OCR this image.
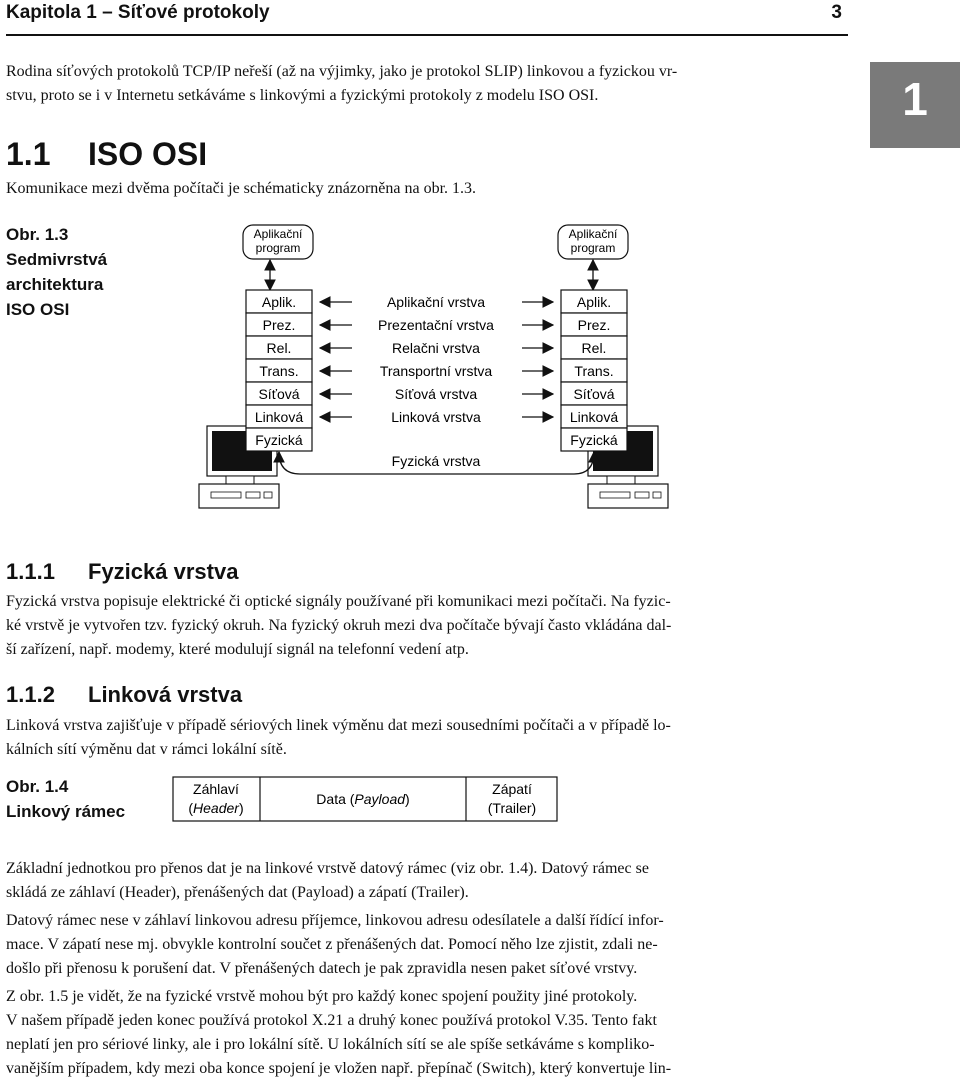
Kapitola 1 – Síťové protokoly	3
1

Rodina síťových protokolů TCP/IP neřeší (až na výjimky, jako je protokol SLIP) linkovou a fyzickou vr-
stvu, proto se i v Internetu setkáváme s linkovými a fyzickými protokoly z modelu ISO OSI.

1.1 ISO OSI

Komunikace mezi dvěma počítači je schématicky znázorněna na obr. 1.3.

Obr. 1.3
Sedmivrstvá
architektura
ISO OSI
Aplikační
program
Aplikační
program
Aplik.
Prez.
Rel.
Trans.
Síťová
Linková
Fyzická
Aplik.
Prez.
Rel.
Trans.
Síťová
Linková
Fyzická
Aplikační vrstva
Prezentační vrstva
Relačni vrstva
Transportní vrstva
Síťová vrstva
Linková vrstva
Fyzická vrstva
1.1.1 Fyzická vrstva

Fyzická vrstva popisuje elektrické či optické signály používané při komunikaci mezi počítači. Na fyzic-
ké vrstvě je vytvořen tzv. fyzický okruh. Na fyzický okruh mezi dva počítače bývají často vkládána dal-
ší zařízení, např. modemy, které modulují signál na telefonní vedení atp.

1.1.2 Linková vrstva

Linková vrstva zajišťuje v případě sériových linek výměnu dat mezi sousedními počítači a v případě lo-
kálních sítí výměnu dat v rámci lokální sítě.

Obr. 1.4
Linkový rámec
Záhlaví
(Header)
Data (Payload)
Zápatí
(Trailer)

Základní jednotkou pro přenos dat je na linkové vrstvě datový rámec (viz obr. 1.4). Datový rámec se
skládá ze záhlaví (Header), přenášených dat (Payload) a zápatí (Trailer).

Datový rámec nese v záhlaví linkovou adresu příjemce, linkovou adresu odesílatele a další řídící infor-
mace. V zápatí nese mj. obvykle kontrolní součet z přenášených dat. Pomocí něho lze zjistit, zdali ne-
došlo při přenosu k porušení dat. V přenášených datech je pak zpravidla nesen paket síťové vrstvy.

Z obr. 1.5 je vidět, že na fyzické vrstvě mohou být pro každý konec spojení použity jiné protokoly.
V našem případě jeden konec používá protokol X.21 a druhý konec používá protokol V.35. Tento fakt
neplatí jen pro sériové linky, ale i pro lokální sítě. U lokálních sítí se ale spíše setkáváme s kompliko-
vanějším případem, kdy mezi oba konce spojení je vložen např. přepínač (Switch), který konvertuje lin-
